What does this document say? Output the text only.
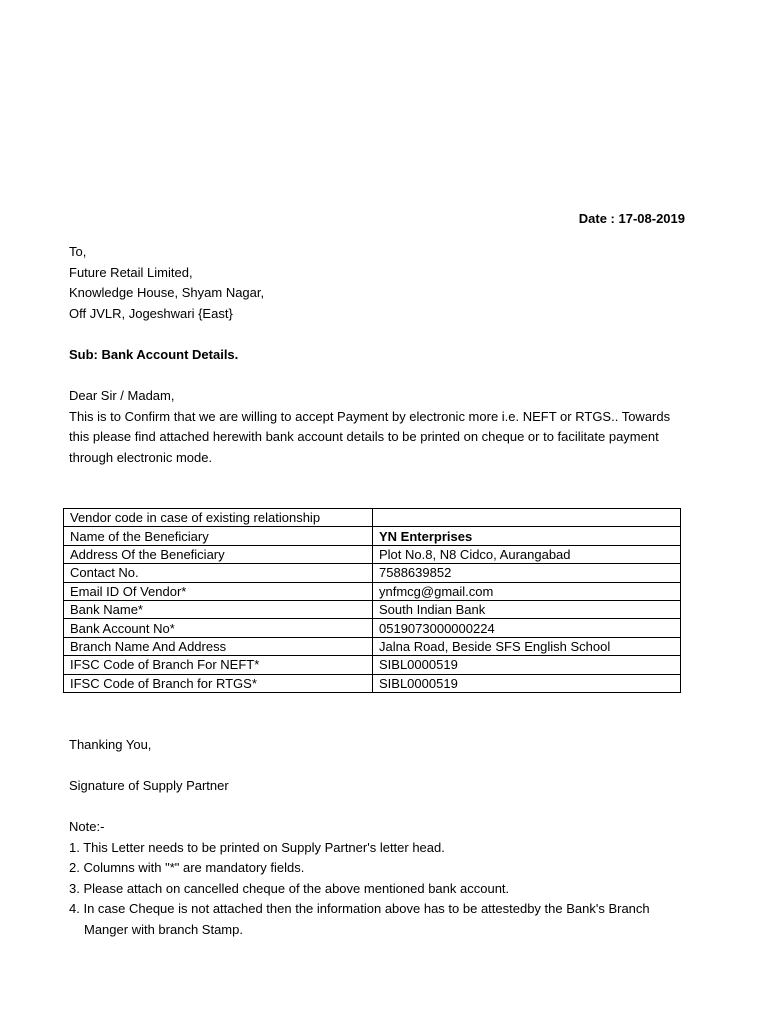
Date : 17-08-2019
To,
Future Retail Limited,
Knowledge House, Shyam Nagar,
Off JVLR, Jogeshwari {East}
Sub: Bank Account Details.
Dear Sir / Madam,
This is to Confirm that we are willing to accept Payment by electronic more i.e. NEFT or RTGS.. Towards
this please find attached herewith bank account details to be printed on cheque or to facilitate payment
through electronic mode.
Vendor code in case of existing relationship	
Name of the Beneficiary	YN Enterprises
Address Of the Beneficiary	Plot No.8, N8 Cidco, Aurangabad
Contact No.	7588639852
Email ID Of Vendor*	ynfmcg@gmail.com
Bank Name*	South Indian Bank
Bank Account No*	0519073000000224
Branch Name And Address	Jalna Road, Beside SFS English School
IFSC Code of Branch For NEFT*	SIBL0000519
IFSC Code of Branch for RTGS*	SIBL0000519
Thanking You,
Signature of Supply Partner
Note:-
1. This Letter needs to be printed on Supply Partner's letter head.
2. Columns with "*" are mandatory fields.
3. Please attach on cancelled cheque of the above mentioned bank account.
4. In case Cheque is not attached then the information above has to be attestedby the Bank's Branch
Manger with branch Stamp.
